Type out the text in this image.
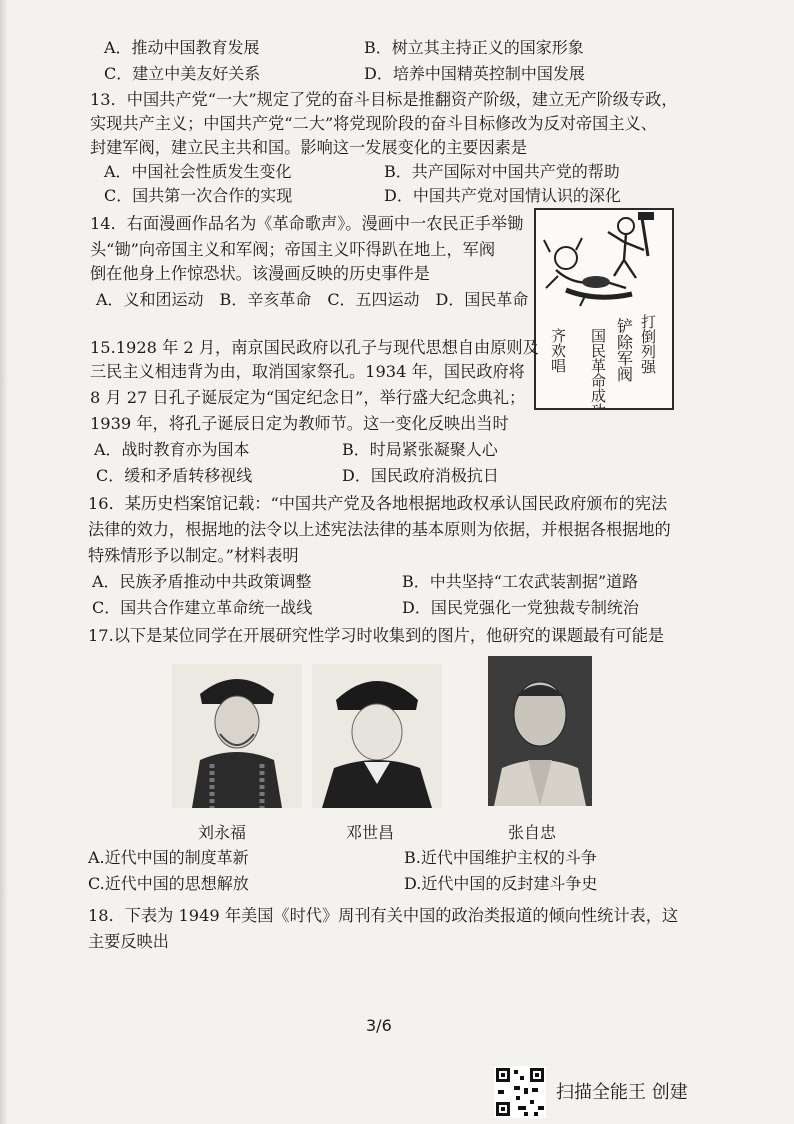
A．推动中国教育发展	B．树立其主持正义的国家形象
C．建立中美友好关系	D．培养中国精英控制中国发展
13．中国共产党“一大”规定了党的奋斗目标是推翻资产阶级，建立无产阶级专政，
实现共产主义；中国共产党“二大”将党现阶段的奋斗目标修改为反对帝国主义、
封建军阀，建立民主共和国。影响这一发展变化的主要因素是
A．中国社会性质发生变化	B．共产国际对中国共产党的帮助
C．国共第一次合作的实现	D．中国共产党对国情认识的深化
14．右面漫画作品名为《革命歌声》。漫画中一农民正手举锄
头“锄”向帝国主义和军阀；帝国主义吓得趴在地上，军阀
倒在他身上作惊恐状。该漫画反映的历史事件是
A．义和团运动　B．辛亥革命　C．五四运动　D．国民革命
打倒列强
铲除军阀
国民革命成功
齐欢唱
15.1928 年 2 月，南京国民政府以孔子与现代思想自由原则及
三民主义相违背为由，取消国家祭孔。1934 年，国民政府将
8 月 27 日孔子诞辰定为“国定纪念日”，举行盛大纪念典礼；
1939 年，将孔子诞辰日定为教师节。这一变化反映出当时
A．战时教育亦为国本	B．时局紧张凝聚人心
C．缓和矛盾转移视线	D．国民政府消极抗日
16．某历史档案馆记载：“中国共产党及各地根据地政权承认国民政府颁布的宪法
法律的效力，根据地的法令以上述宪法法律的基本原则为依据，并根据各根据地的
特殊情形予以制定。”材料表明
A．民族矛盾推动中共政策调整	B．中共坚持“工农武装割据”道路
C．国共合作建立革命统一战线	D．国民党强化一党独裁专制统治
17.以下是某位同学在开展研究性学习时收集到的图片，他研究的课题最有可能是
刘永福	邓世昌	张自忠
A.近代中国的制度革新	B.近代中国维护主权的斗争
C.近代中国的思想解放	D.近代中国的反封建斗争史
18．下表为 1949 年美国《时代》周刊有关中国的政治类报道的倾向性统计表，这
主要反映出
3/6
扫描全能王 创建
